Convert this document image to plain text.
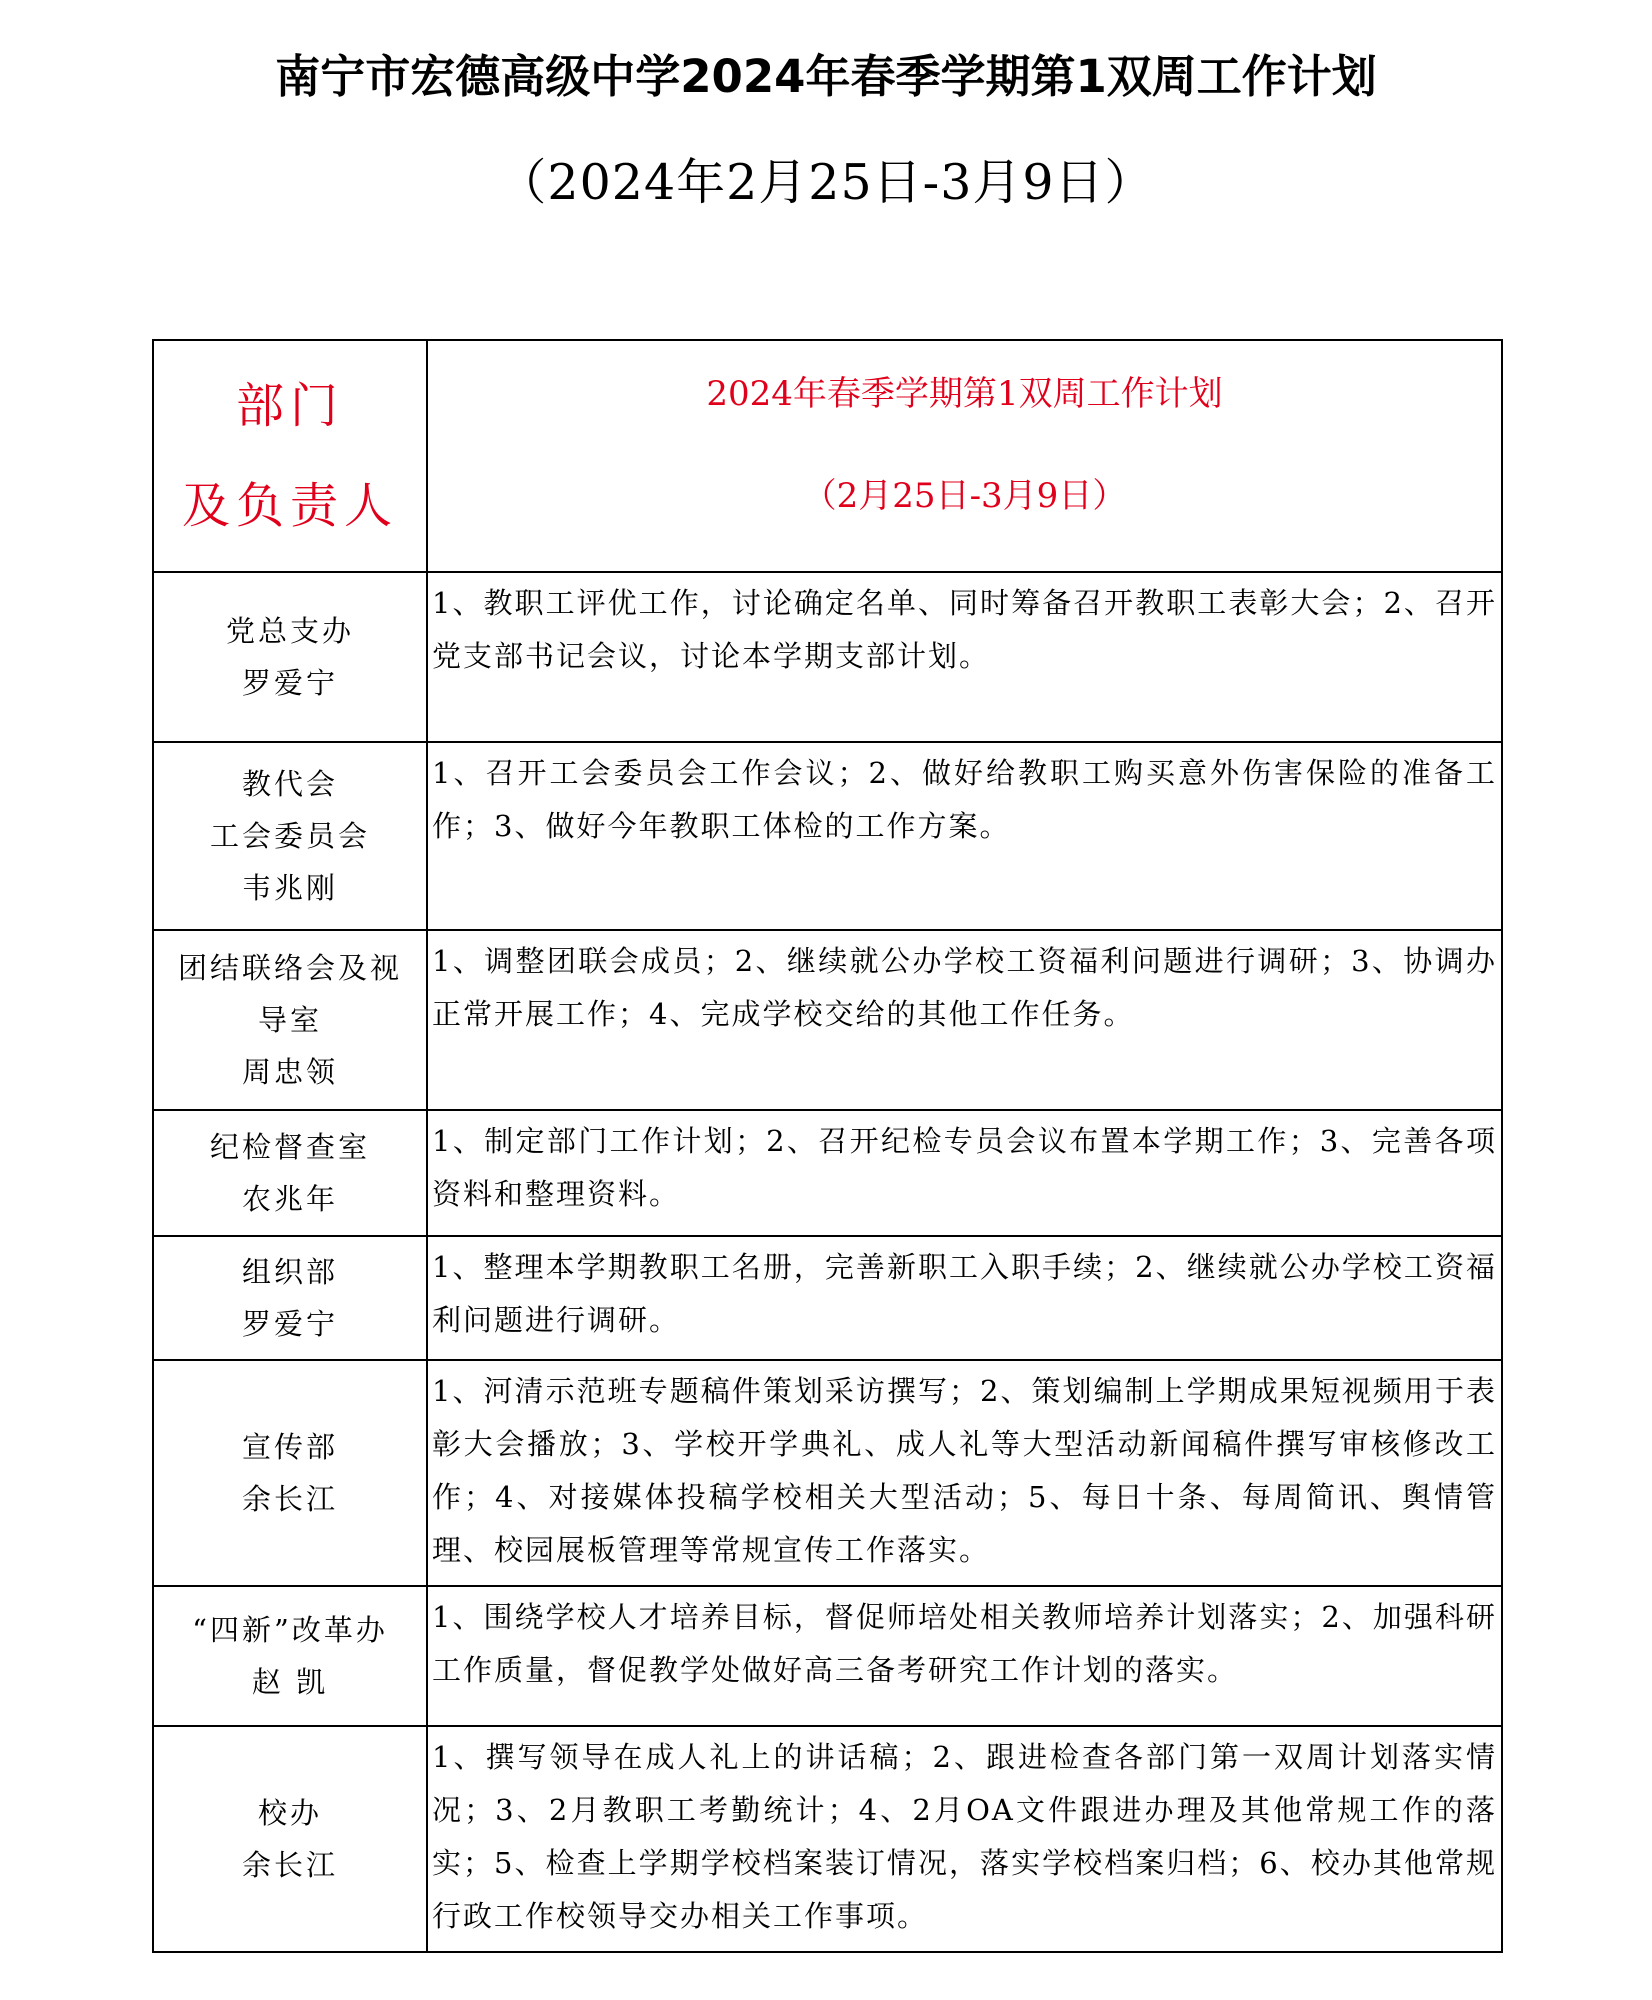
南宁市宏德高级中学2024年春季学期第1双周工作计划
（2024年2月25日-3月9日）
部门
及负责人	2024年春季学期第1双周工作计划
（2月25日-3月9日）

党总支办
罗爱宁	1、教职工评优工作，讨论确定名单、同时筹备召开教职工表彰大会；2、召开党支部书记会议，讨论本学期支部计划。

教代会
工会委员会
韦兆刚	1、召开工会委员会工作会议；2、做好给教职工购买意外伤害保险的准备工作；3、做好今年教职工体检的工作方案。

团结联络会及视
导室
周忠领	1、调整团联会成员；2、继续就公办学校工资福利问题进行调研；3、协调办正常开展工作；4、完成学校交给的其他工作任务。

纪检督查室
农兆年	1、制定部门工作计划；2、召开纪检专员会议布置本学期工作；3、完善各项资料和整理资料。

组织部
罗爱宁	1、整理本学期教职工名册，完善新职工入职手续；2、继续就公办学校工资福利问题进行调研。

宣传部
余长江	1、河清示范班专题稿件策划采访撰写；2、策划编制上学期成果短视频用于表彰大会播放；3、学校开学典礼、成人礼等大型活动新闻稿件撰写审核修改工作；4、对接媒体投稿学校相关大型活动；5、每日十条、每周简讯、舆情管理、校园展板管理等常规宣传工作落实。

“四新”改革办
赵 凯	1、围绕学校人才培养目标，督促师培处相关教师培养计划落实；2、加强科研工作质量，督促教学处做好高三备考研究工作计划的落实。

校办
余长江	1、撰写领导在成人礼上的讲话稿；2、跟进检查各部门第一双周计划落实情况；3、2月教职工考勤统计；4、2月OA文件跟进办理及其他常规工作的落实；5、检查上学期学校档案装订情况，落实学校档案归档；6、校办其他常规行政工作校领导交办相关工作事项。
